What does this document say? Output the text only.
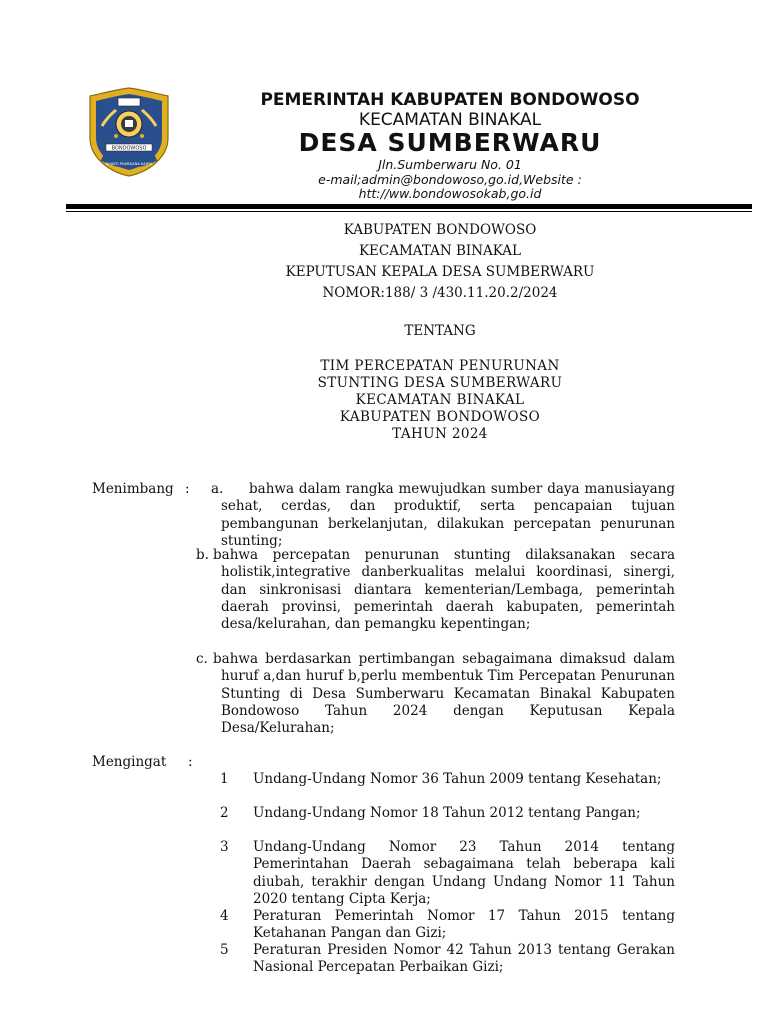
BONDOWOSO
BHAKTI PHARDANA KARYA
PEMERINTAH KABUPATEN BONDOWOSO
KECAMATAN BINAKAL
DESA SUMBERWARU
Jln.Sumberwaru No. 01
e-mail;admin@bondowoso,go.id,Website :
htt://ww.bondowosokab,go.id
KABUPATEN BONDOWOSO
KECAMATAN BINAKAL
KEPUTUSAN KEPALA DESA SUMBERWARU
NOMOR:188/ 3 /430.11.20.2/2024
TENTANG
TIM PERCEPATAN PENURUNAN
STUNTING DESA SUMBERWARU
KECAMATAN BINAKAL
KABUPATEN BONDOWOSO
TAHUN 2024
Menimbang : a.	bahwa dalam rangka mewujudkan sumber daya manusiayang sehat, cerdas, dan produktif, serta pencapaian tujuan pembangunan berkelanjutan, dilakukan percepatan penurunan stunting;
b. bahwa percepatan penurunan stunting dilaksanakan secara holistik,integrative danberkualitas melalui koordinasi, sinergi, dan sinkronisasi diantara kementerian/Lembaga, pemerintah daerah provinsi, pemerintah daerah kabupaten, pemerintah desa/kelurahan, dan pemangku kepentingan;
c. bahwa berdasarkan pertimbangan sebagaimana dimaksud dalam huruf a,dan huruf b,perlu membentuk Tim Percepatan Penurunan Stunting di Desa Sumberwaru Kecamatan Binakal Kabupaten Bondowoso Tahun 2024 dengan Keputusan Kepala Desa/Kelurahan;
Mengingat :
1 Undang-Undang Nomor 36 Tahun 2009 tentang Kesehatan;
2 Undang-Undang Nomor 18 Tahun 2012 tentang Pangan;
3 Undang-Undang Nomor 23 Tahun 2014 tentang Pemerintahan Daerah sebagaimana telah beberapa kali diubah, terakhir dengan Undang Undang Nomor 11 Tahun 2020 tentang Cipta Kerja;
4 Peraturan Pemerintah Nomor 17 Tahun 2015 tentang Ketahanan Pangan dan Gizi;
5 Peraturan Presiden Nomor 42 Tahun 2013 tentang Gerakan Nasional Percepatan Perbaikan Gizi;
